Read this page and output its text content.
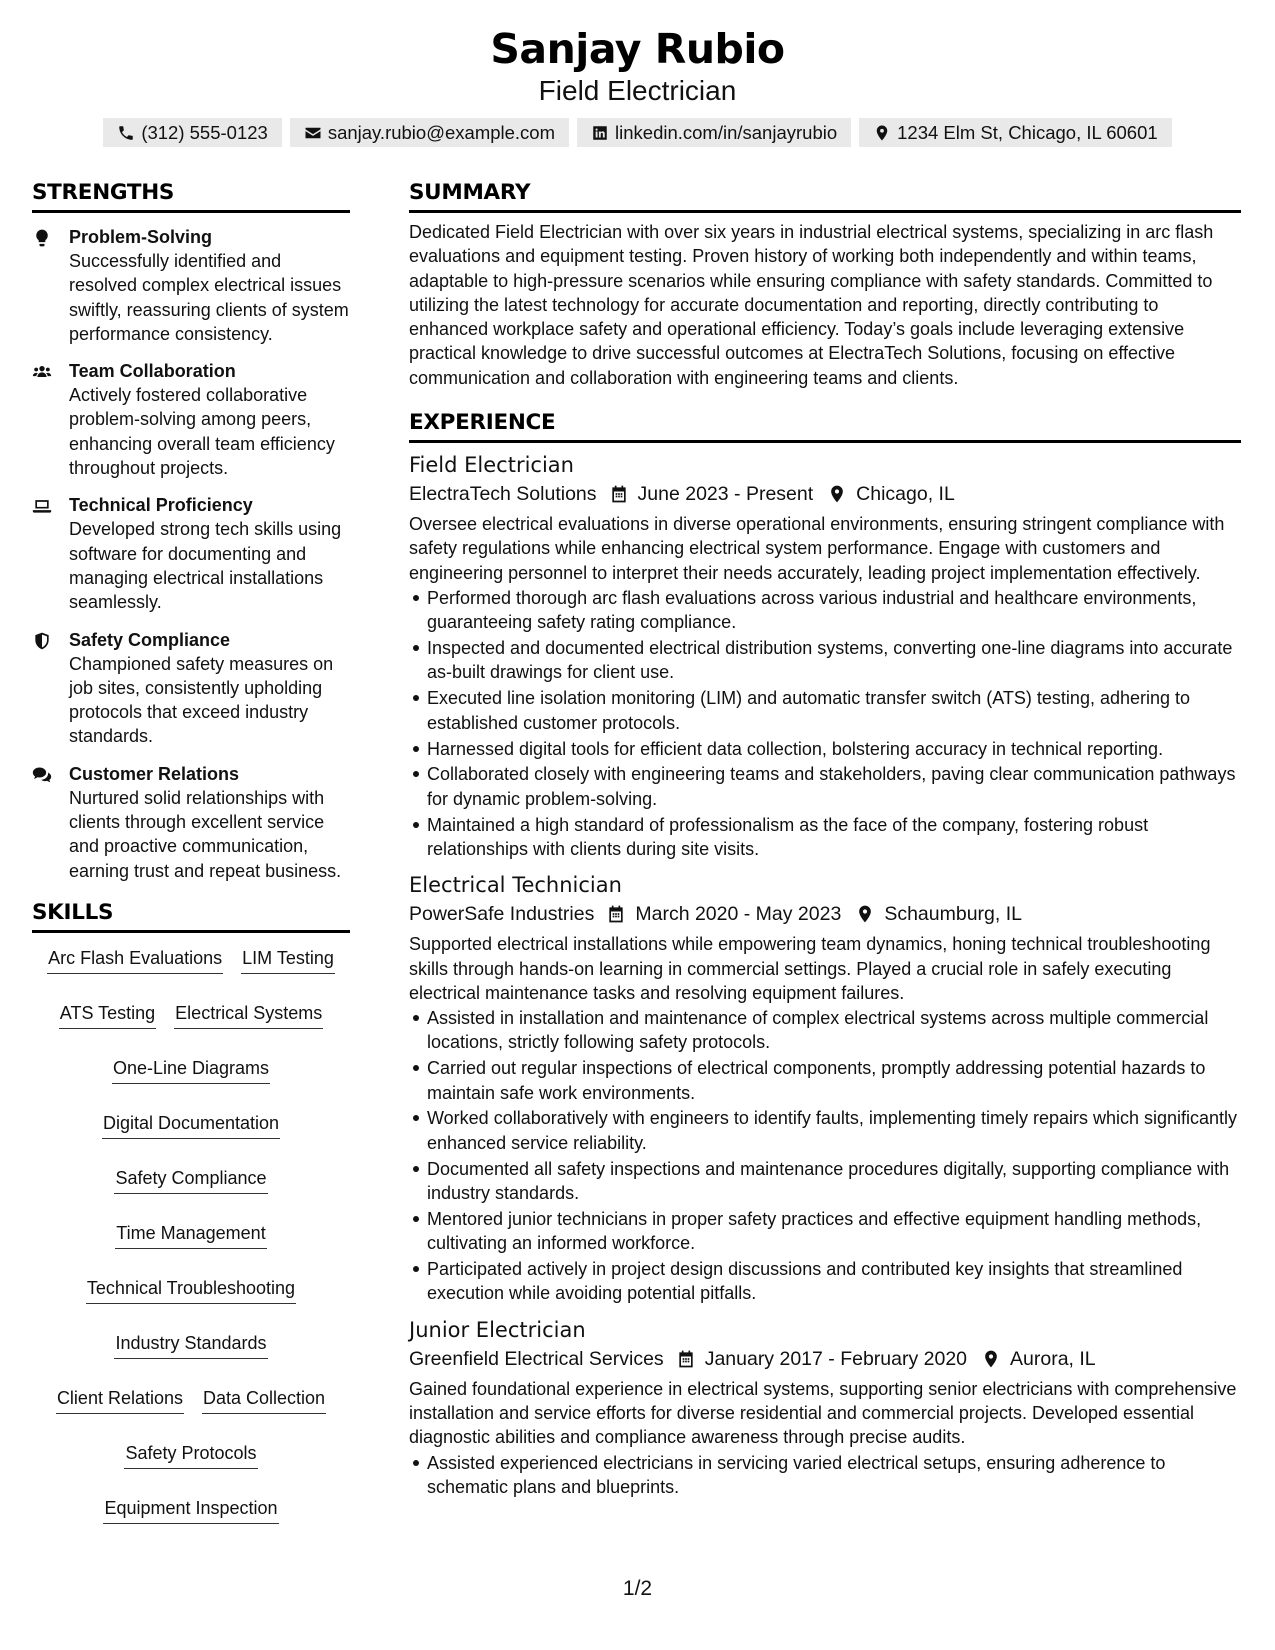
Sanjay Rubio
Field Electrician
(312) 555-0123	sanjay.rubio@example.com	linkedin.com/in/sanjayrubio	1234 Elm St, Chicago, IL 60601
STRENGTHS
Problem-Solving
Successfully identified and resolved complex electrical issues swiftly, reassuring clients of system performance consistency.
Team Collaboration
Actively fostered collaborative problem-solving among peers, enhancing overall team efficiency throughout projects.
Technical Proficiency
Developed strong tech skills using software for documenting and managing electrical installations seamlessly.
Safety Compliance
Championed safety measures on job sites, consistently upholding protocols that exceed industry standards.
Customer Relations
Nurtured solid relationships with clients through excellent service and proactive communication, earning trust and repeat business.
SKILLS
Arc Flash Evaluations LIM Testing
ATS Testing Electrical Systems
One-Line Diagrams
Digital Documentation
Safety Compliance
Time Management
Technical Troubleshooting
Industry Standards
Client Relations Data Collection
Safety Protocols
Equipment Inspection
SUMMARY
Dedicated Field Electrician with over six years in industrial electrical systems, specializing in arc flash evaluations and equipment testing. Proven history of working both independently and within teams, adaptable to high-pressure scenarios while ensuring compliance with safety standards. Committed to utilizing the latest technology for accurate documentation and reporting, directly contributing to enhanced workplace safety and operational efficiency. Today’s goals include leveraging extensive practical knowledge to drive successful outcomes at ElectraTech Solutions, focusing on effective communication and collaboration with engineering teams and clients.
EXPERIENCE
Field Electrician
ElectraTech Solutions June 2023 - Present Chicago, IL
Oversee electrical evaluations in diverse operational environments, ensuring stringent compliance with safety regulations while enhancing electrical system performance. Engage with customers and engineering personnel to interpret their needs accurately, leading project implementation effectively.
Performed thorough arc flash evaluations across various industrial and healthcare environments, guaranteeing safety rating compliance.
Inspected and documented electrical distribution systems, converting one-line diagrams into accurate as-built drawings for client use.
Executed line isolation monitoring (LIM) and automatic transfer switch (ATS) testing, adhering to established customer protocols.
Harnessed digital tools for efficient data collection, bolstering accuracy in technical reporting.
Collaborated closely with engineering teams and stakeholders, paving clear communication pathways for dynamic problem-solving.
Maintained a high standard of professionalism as the face of the company, fostering robust relationships with clients during site visits.
Electrical Technician
PowerSafe Industries March 2020 - May 2023 Schaumburg, IL
Supported electrical installations while empowering team dynamics, honing technical troubleshooting skills through hands-on learning in commercial settings. Played a crucial role in safely executing electrical maintenance tasks and resolving equipment failures.
Assisted in installation and maintenance of complex electrical systems across multiple commercial locations, strictly following safety protocols.
Carried out regular inspections of electrical components, promptly addressing potential hazards to maintain safe work environments.
Worked collaboratively with engineers to identify faults, implementing timely repairs which significantly enhanced service reliability.
Documented all safety inspections and maintenance procedures digitally, supporting compliance with industry standards.
Mentored junior technicians in proper safety practices and effective equipment handling methods, cultivating an informed workforce.
Participated actively in project design discussions and contributed key insights that streamlined execution while avoiding potential pitfalls.
Junior Electrician
Greenfield Electrical Services January 2017 - February 2020 Aurora, IL
Gained foundational experience in electrical systems, supporting senior electricians with comprehensive installation and service efforts for diverse residential and commercial projects. Developed essential diagnostic abilities and compliance awareness through precise audits.
Assisted experienced electricians in servicing varied electrical setups, ensuring adherence to schematic plans and blueprints.
1/2
